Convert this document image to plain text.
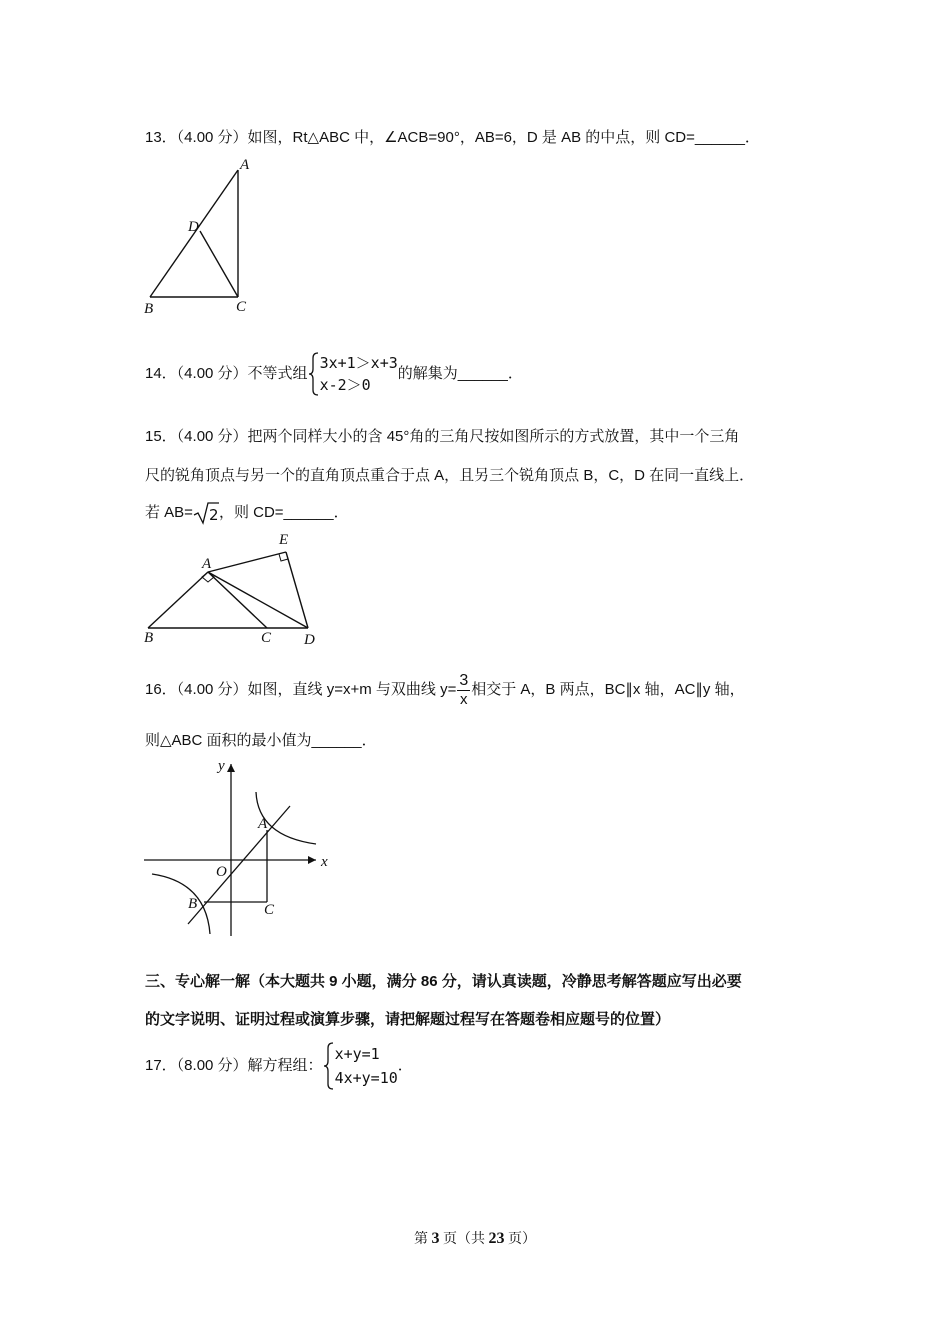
13．（4.00 分）如图，Rt△ABC 中，∠ACB=90°，AB=6，D 是 AB 的中点，则 CD=______．
A
D
B	C
14．（4.00 分）不等式组
3x+1＞x+3
x-2＞0
的解集为______．
15．（4.00 分）把两个同样大小的含 45°角的三角尺按如图所示的方式放置，其中一个三角
尺的锐角顶点与另一个的直角顶点重合于点 A，且另三个锐角顶点 B，C，D 在同一直线上．
若 AB= 2 ，则 CD=______．
A
E
B	C D
16．（4.00 分）如图，直线 y=x+m 与双曲线 $y= \frac{3}{x}$ 相交于 A，B 两点，BC∥x 轴，AC∥y 轴，
则△ABC 面积的最小值为______．
y
x
O
A
B	C
三、专心解一解（本大题共 9 小题，满分 86 分，请认真读题，冷静思考解答题应写出必要
的文字说明、证明过程或演算步骤，请把解题过程写在答题卷相应题号的位置）
17．（8.00 分）解方程组：
x+y=1
4x+y=10
．
第 3 页（共 23 页）
